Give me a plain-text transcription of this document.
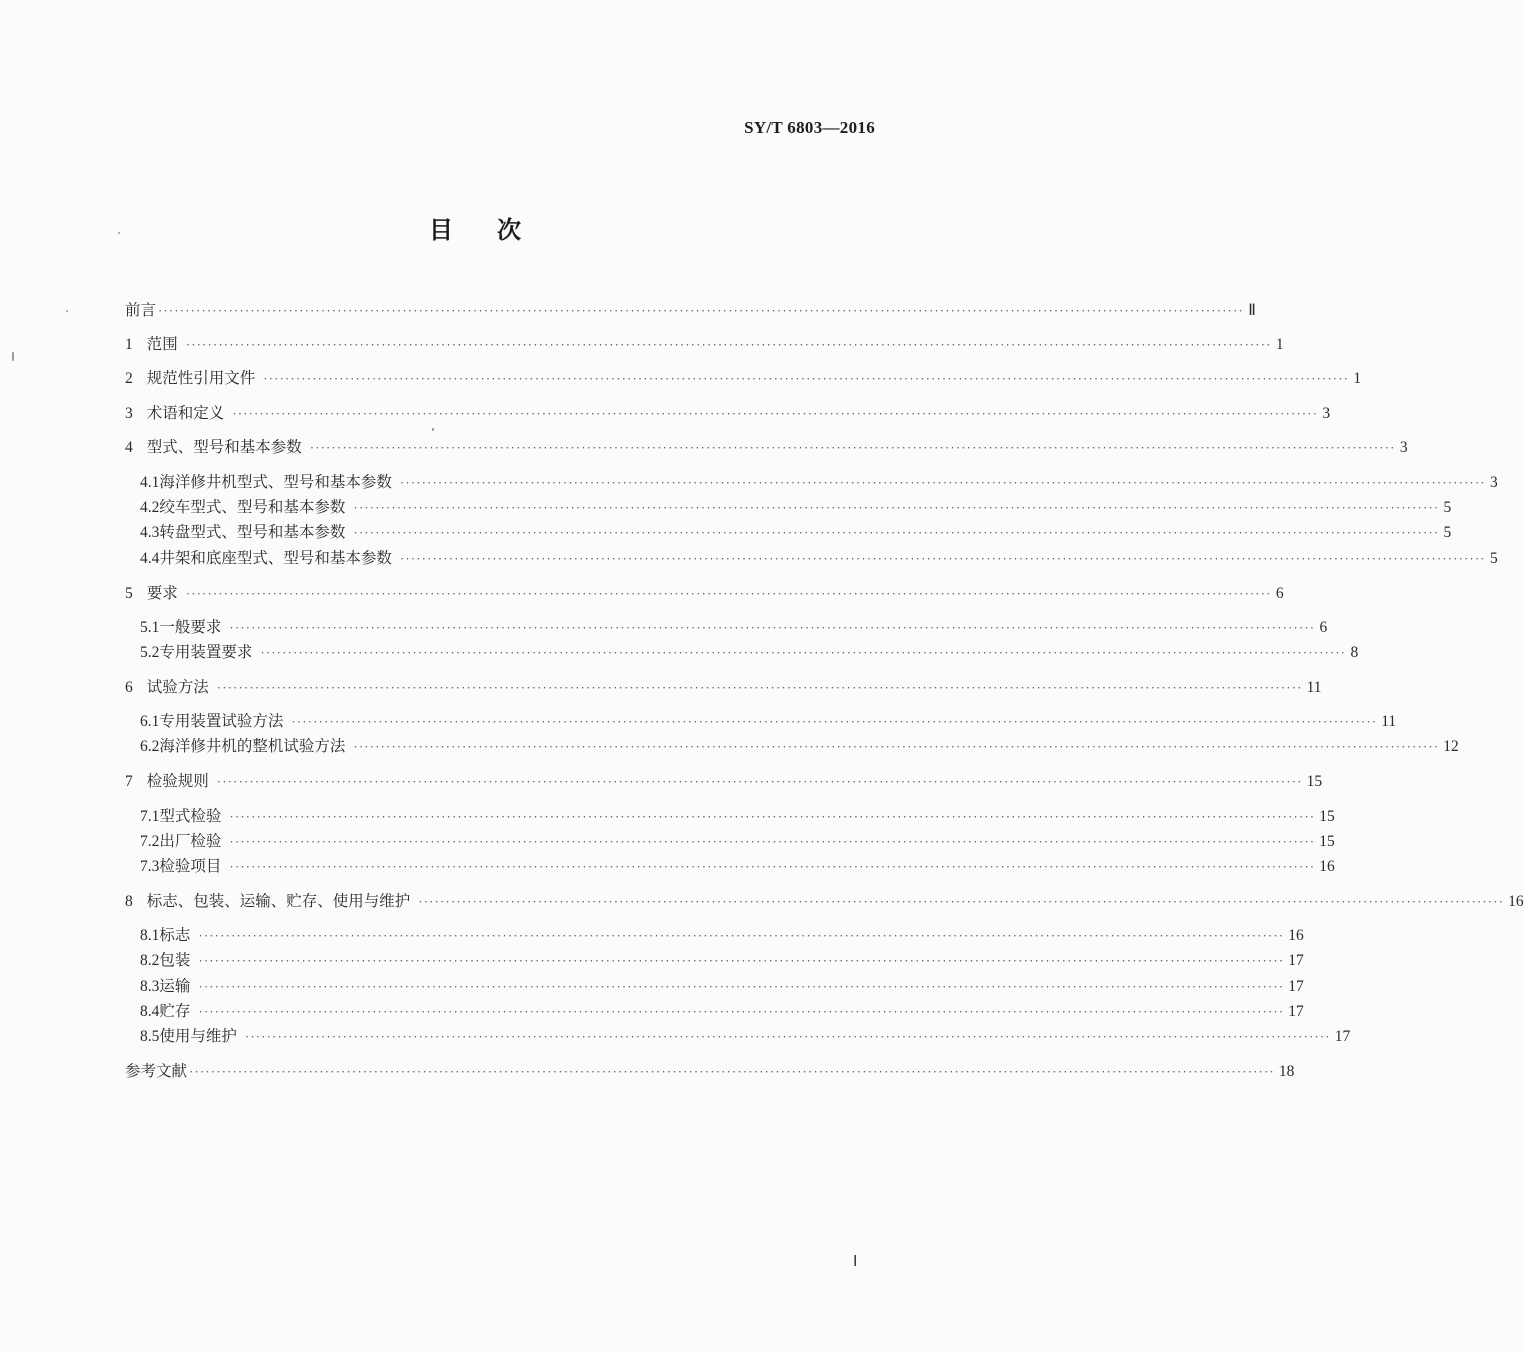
SY/T 6803—2016
目次
前言 ········································································································································································································ Ⅱ
1 范围 ········································································································································································································ 1
2 规范性引用文件 ········································································································································································································ 1
3 术语和定义 ········································································································································································································ 3
4 型式、型号和基本参数 ········································································································································································································ 3
4.1 海洋修井机型式、型号和基本参数 ········································································································································································································ 3
4.2 绞车型式、型号和基本参数 ········································································································································································································ 5
4.3 转盘型式、型号和基本参数 ········································································································································································································ 5
4.4 井架和底座型式、型号和基本参数 ········································································································································································································ 5
5 要求 ········································································································································································································ 6
5.1 一般要求 ········································································································································································································ 6
5.2 专用装置要求 ········································································································································································································ 8
6 试验方法 ········································································································································································································ 11
6.1 专用装置试验方法 ········································································································································································································ 11
6.2 海洋修井机的整机试验方法 ········································································································································································································ 12
7 检验规则 ········································································································································································································ 15
7.1 型式检验 ········································································································································································································ 15
7.2 出厂检验 ········································································································································································································ 15
7.3 检验项目 ········································································································································································································ 16
8 标志、包装、运输、贮存、使用与维护 ········································································································································································································ 16
8.1 标志 ········································································································································································································ 16
8.2 包装 ········································································································································································································ 17
8.3 运输 ········································································································································································································ 17
8.4 贮存 ········································································································································································································ 17
8.5 使用与维护 ········································································································································································································ 17
参考文献 ········································································································································································································ 18
Ⅰ
